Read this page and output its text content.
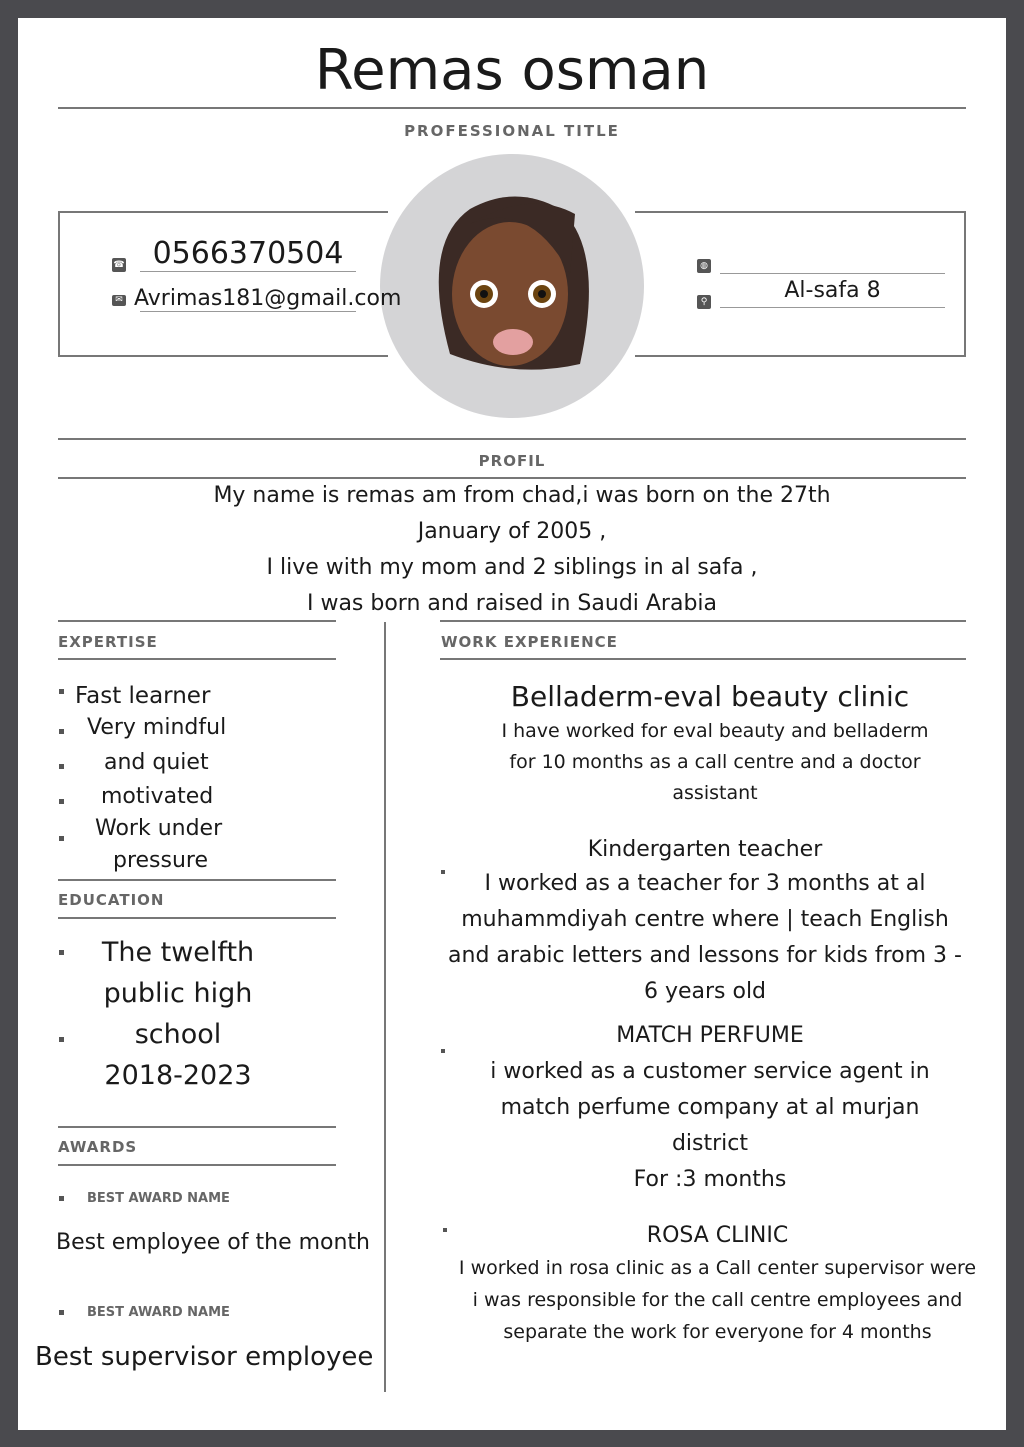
Remas osman
PROFESSIONAL TITLE
☎ 0566370504
✉ Avrimas181@gmail.com
◍
⚲	Al-safa 8
PROFIL
My name is remas am from chad,i was born on the 27th
January of 2005 ,
I live with my mom and 2 siblings in al safa ,
I was born and raised in Saudi Arabia
EXPERTISE
Fast learner
Very mindful
and quiet
motivated
Work under
pressure
EDUCATION
The twelfth
public high
school
2018-2023
AWARDS
BEST AWARD NAME
Best employee of the month
BEST AWARD NAME
Best supervisor employee
WORK EXPERIENCE
Belladerm-eval beauty clinic
I have worked for eval beauty and belladerm
for 10 months as a call centre and a doctor
assistant
Kindergarten teacher
I worked as a teacher for 3 months at al
muhammdiyah centre where | teach English
and arabic letters and lessons for kids from 3 -
6 years old
MATCH PERFUME
i worked as a customer service agent in
match perfume company at al murjan
district
For :3 months
ROSA CLINIC
I worked in rosa clinic as a Call center supervisor were
i was responsible for the call centre employees and
separate the work for everyone for 4 months
